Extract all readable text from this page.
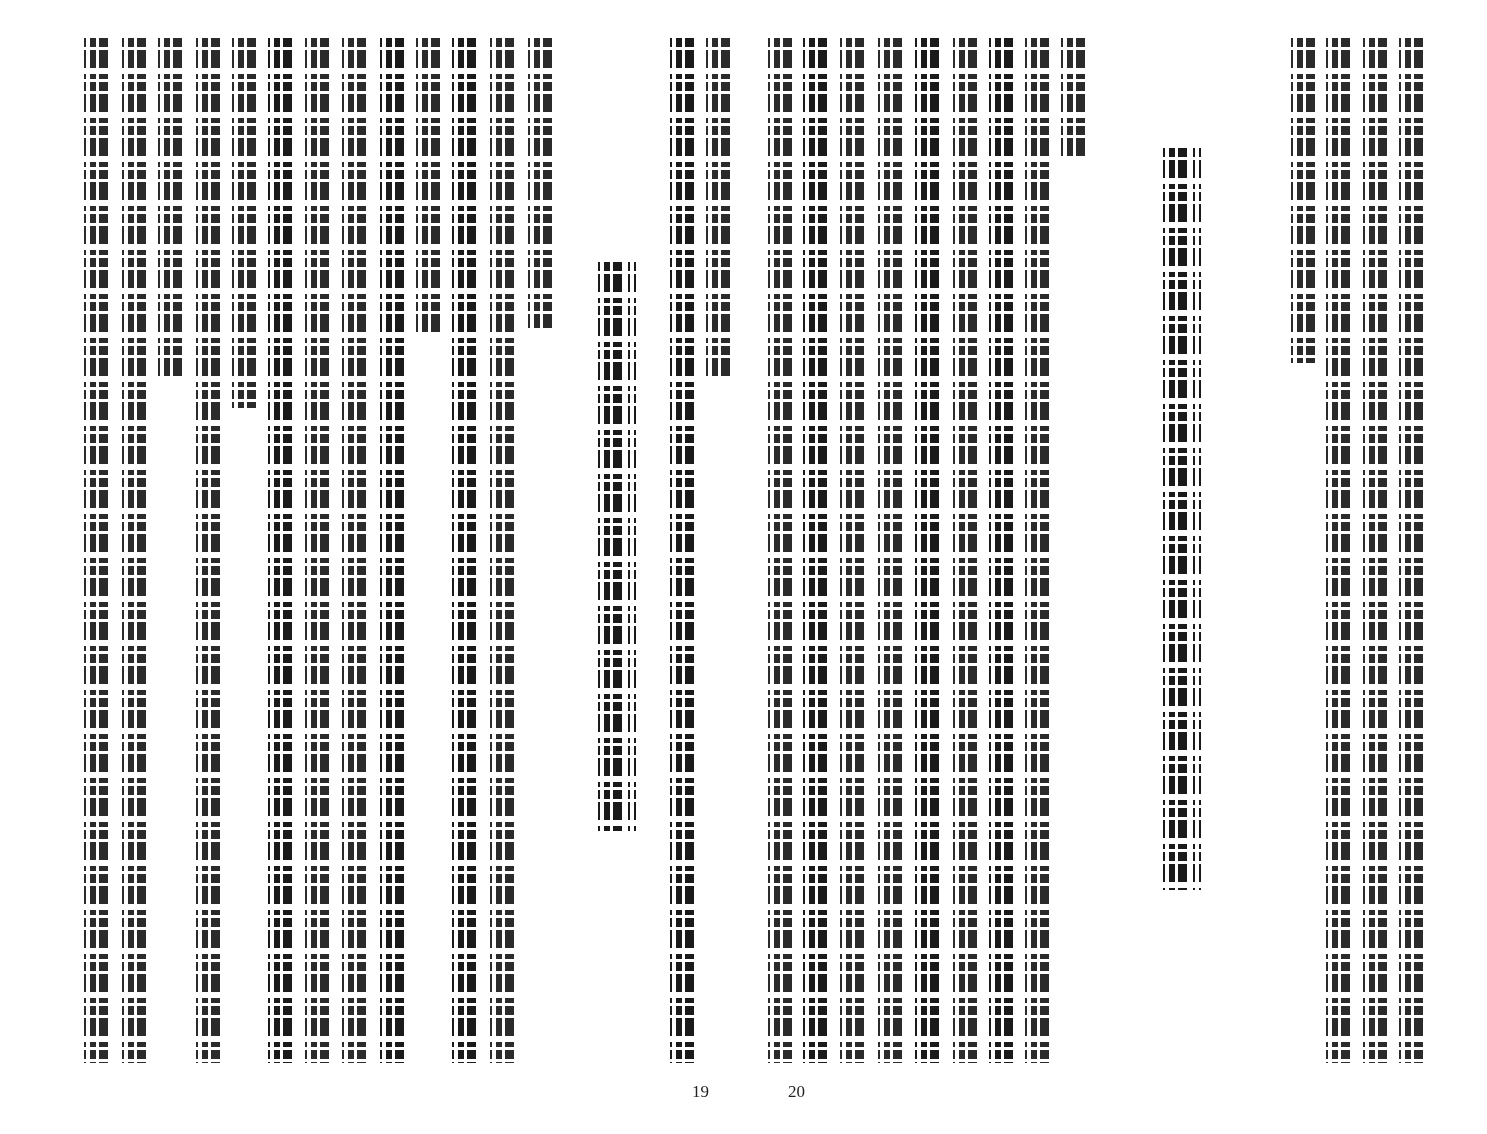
19	20
